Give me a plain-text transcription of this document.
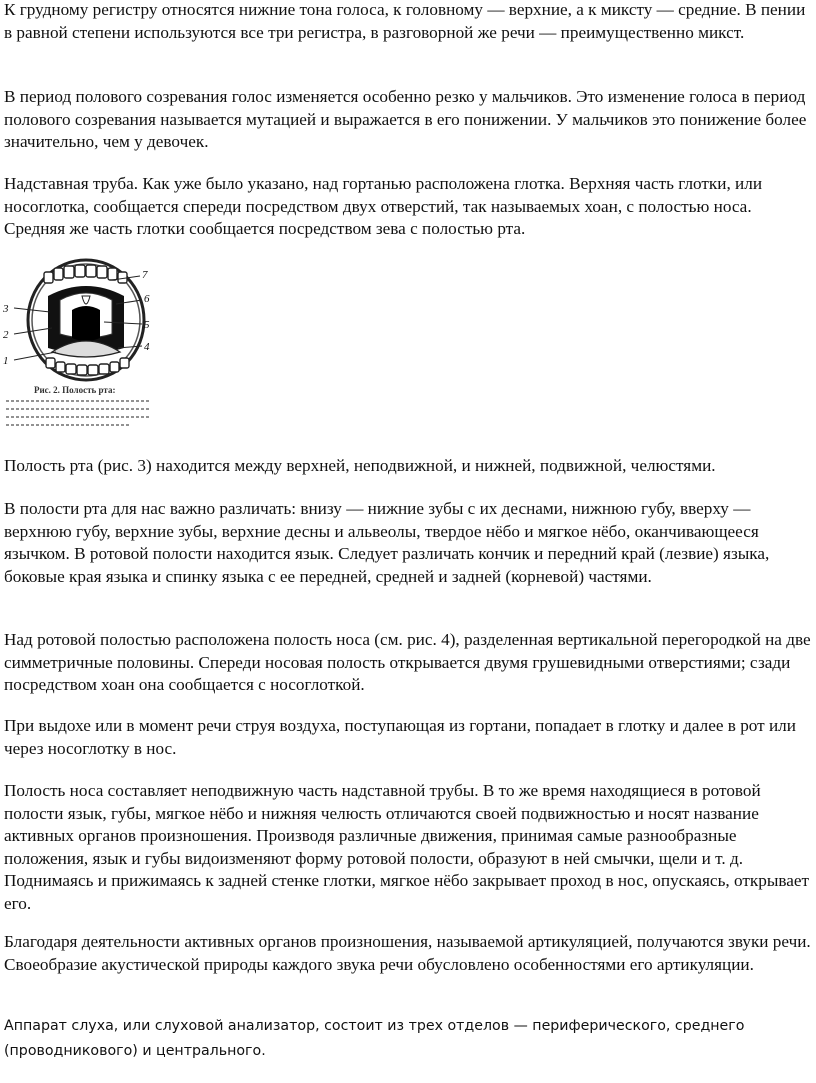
К грудному регистру относятся нижние тона голоса, к головному — верхние, а к миксту — средние. В пении в равной степени используются все три регистра, в разговорной же речи — преимущественно микст.

В период полового созревания голос изменяется особенно резко у мальчиков. Это изменение голоса в период полового созревания называется мутацией и выражается в его понижении. У мальчиков это понижение более значительно, чем у девочек.

Надставная труба. Как уже было указано, над гортанью расположена глотка. Верхняя часть глотки, или носоглотка, сообщается спереди посредством двух отверстий, так называемых хоан, с полостью носа. Средняя же часть глотки сообщается посредством зева с полостью рта.

3
2
1
7
6
5
4
Рис. 2. Полость рта:

Полость рта (рис. 3) находится между верхней, неподвижной, и нижней, подвижной, челюстями.

В полости рта для нас важно различать: внизу — нижние зубы с их деснами, нижнюю губу, вверху — верхнюю губу, верхние зубы, верхние десны и альвеолы, твердое нёбо и мягкое нёбо, оканчивающееся язычком. В ротовой полости находится язык. Следует различать кончик и передний край (лезвие) языка, боковые края языка и спинку языка с ее передней, средней и задней (корневой) частями.

Над ротовой полостью расположена полость носа (см. рис. 4), разделенная вертикальной перегородкой на две симметричные половины. Спереди носовая полость открывается двумя грушевидными отверстиями; сзади посредством хоан она сообщается с носоглоткой.

При выдохе или в момент речи струя воздуха, поступающая из гортани, попадает в глотку и далее в рот или через носоглотку в нос.

Полость носа составляет неподвижную часть надставной трубы. В то же время находящиеся в ротовой полости язык, губы, мягкое нёбо и нижняя челюсть отличаются своей подвижностью и носят название активных органов произношения. Производя различные движения, принимая самые разнообразные положения, язык и губы видоизменяют форму ротовой полости, образуют в ней смычки, щели и т. д. Поднимаясь и прижимаясь к задней стенке глотки, мягкое нёбо закрывает проход в нос, опускаясь, открывает его.

Благодаря деятельности активных органов произношения, называемой артикуляцией, получаются звуки речи. Своеобразие акустической природы каждого звука речи обусловлено особенностями его артикуляции.

Аппарат слуха, или слуховой анализатор, состоит из трех отделов — периферического, среднего (проводникового) и центрального.
